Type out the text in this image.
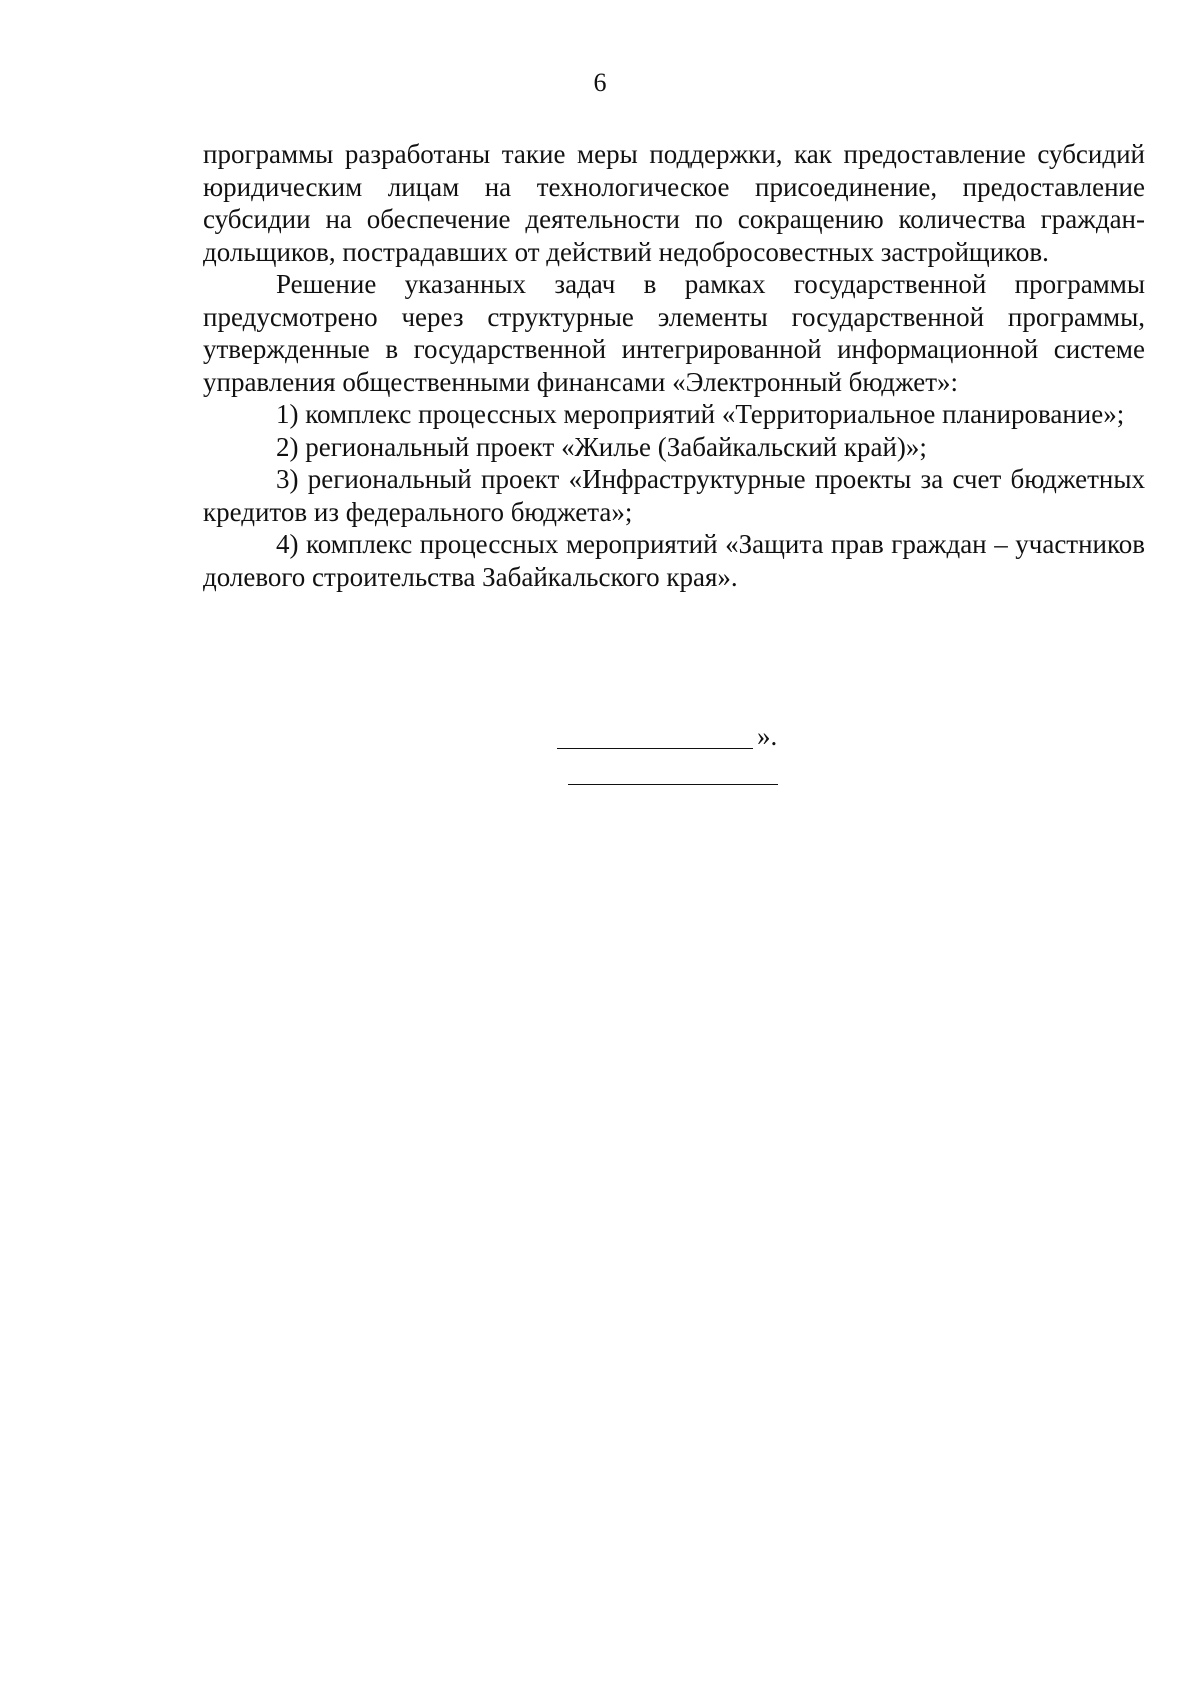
6

программы разработаны такие меры поддержки, как предоставление субсидий юридическим лицам на технологическое присоединение, предоставление субсидии на обеспечение деятельности по сокращению количества граждан-дольщиков, пострадавших от действий недобросовестных застройщиков.

Решение указанных задач в рамках государственной программы предусмотрено через структурные элементы государственной программы, утвержденные в государственной интегрированной информационной системе управления общественными финансами «Электронный бюджет»:

1) комплекс процессных мероприятий «Территориальное планирование»;

2) региональный проект «Жилье (Забайкальский край)»;

3) региональный проект «Инфраструктурные проекты за счет бюджетных кредитов из федерального бюджета»;

4) комплекс процессных мероприятий «Защита прав граждан – участников долевого строительства Забайкальского края».

».
